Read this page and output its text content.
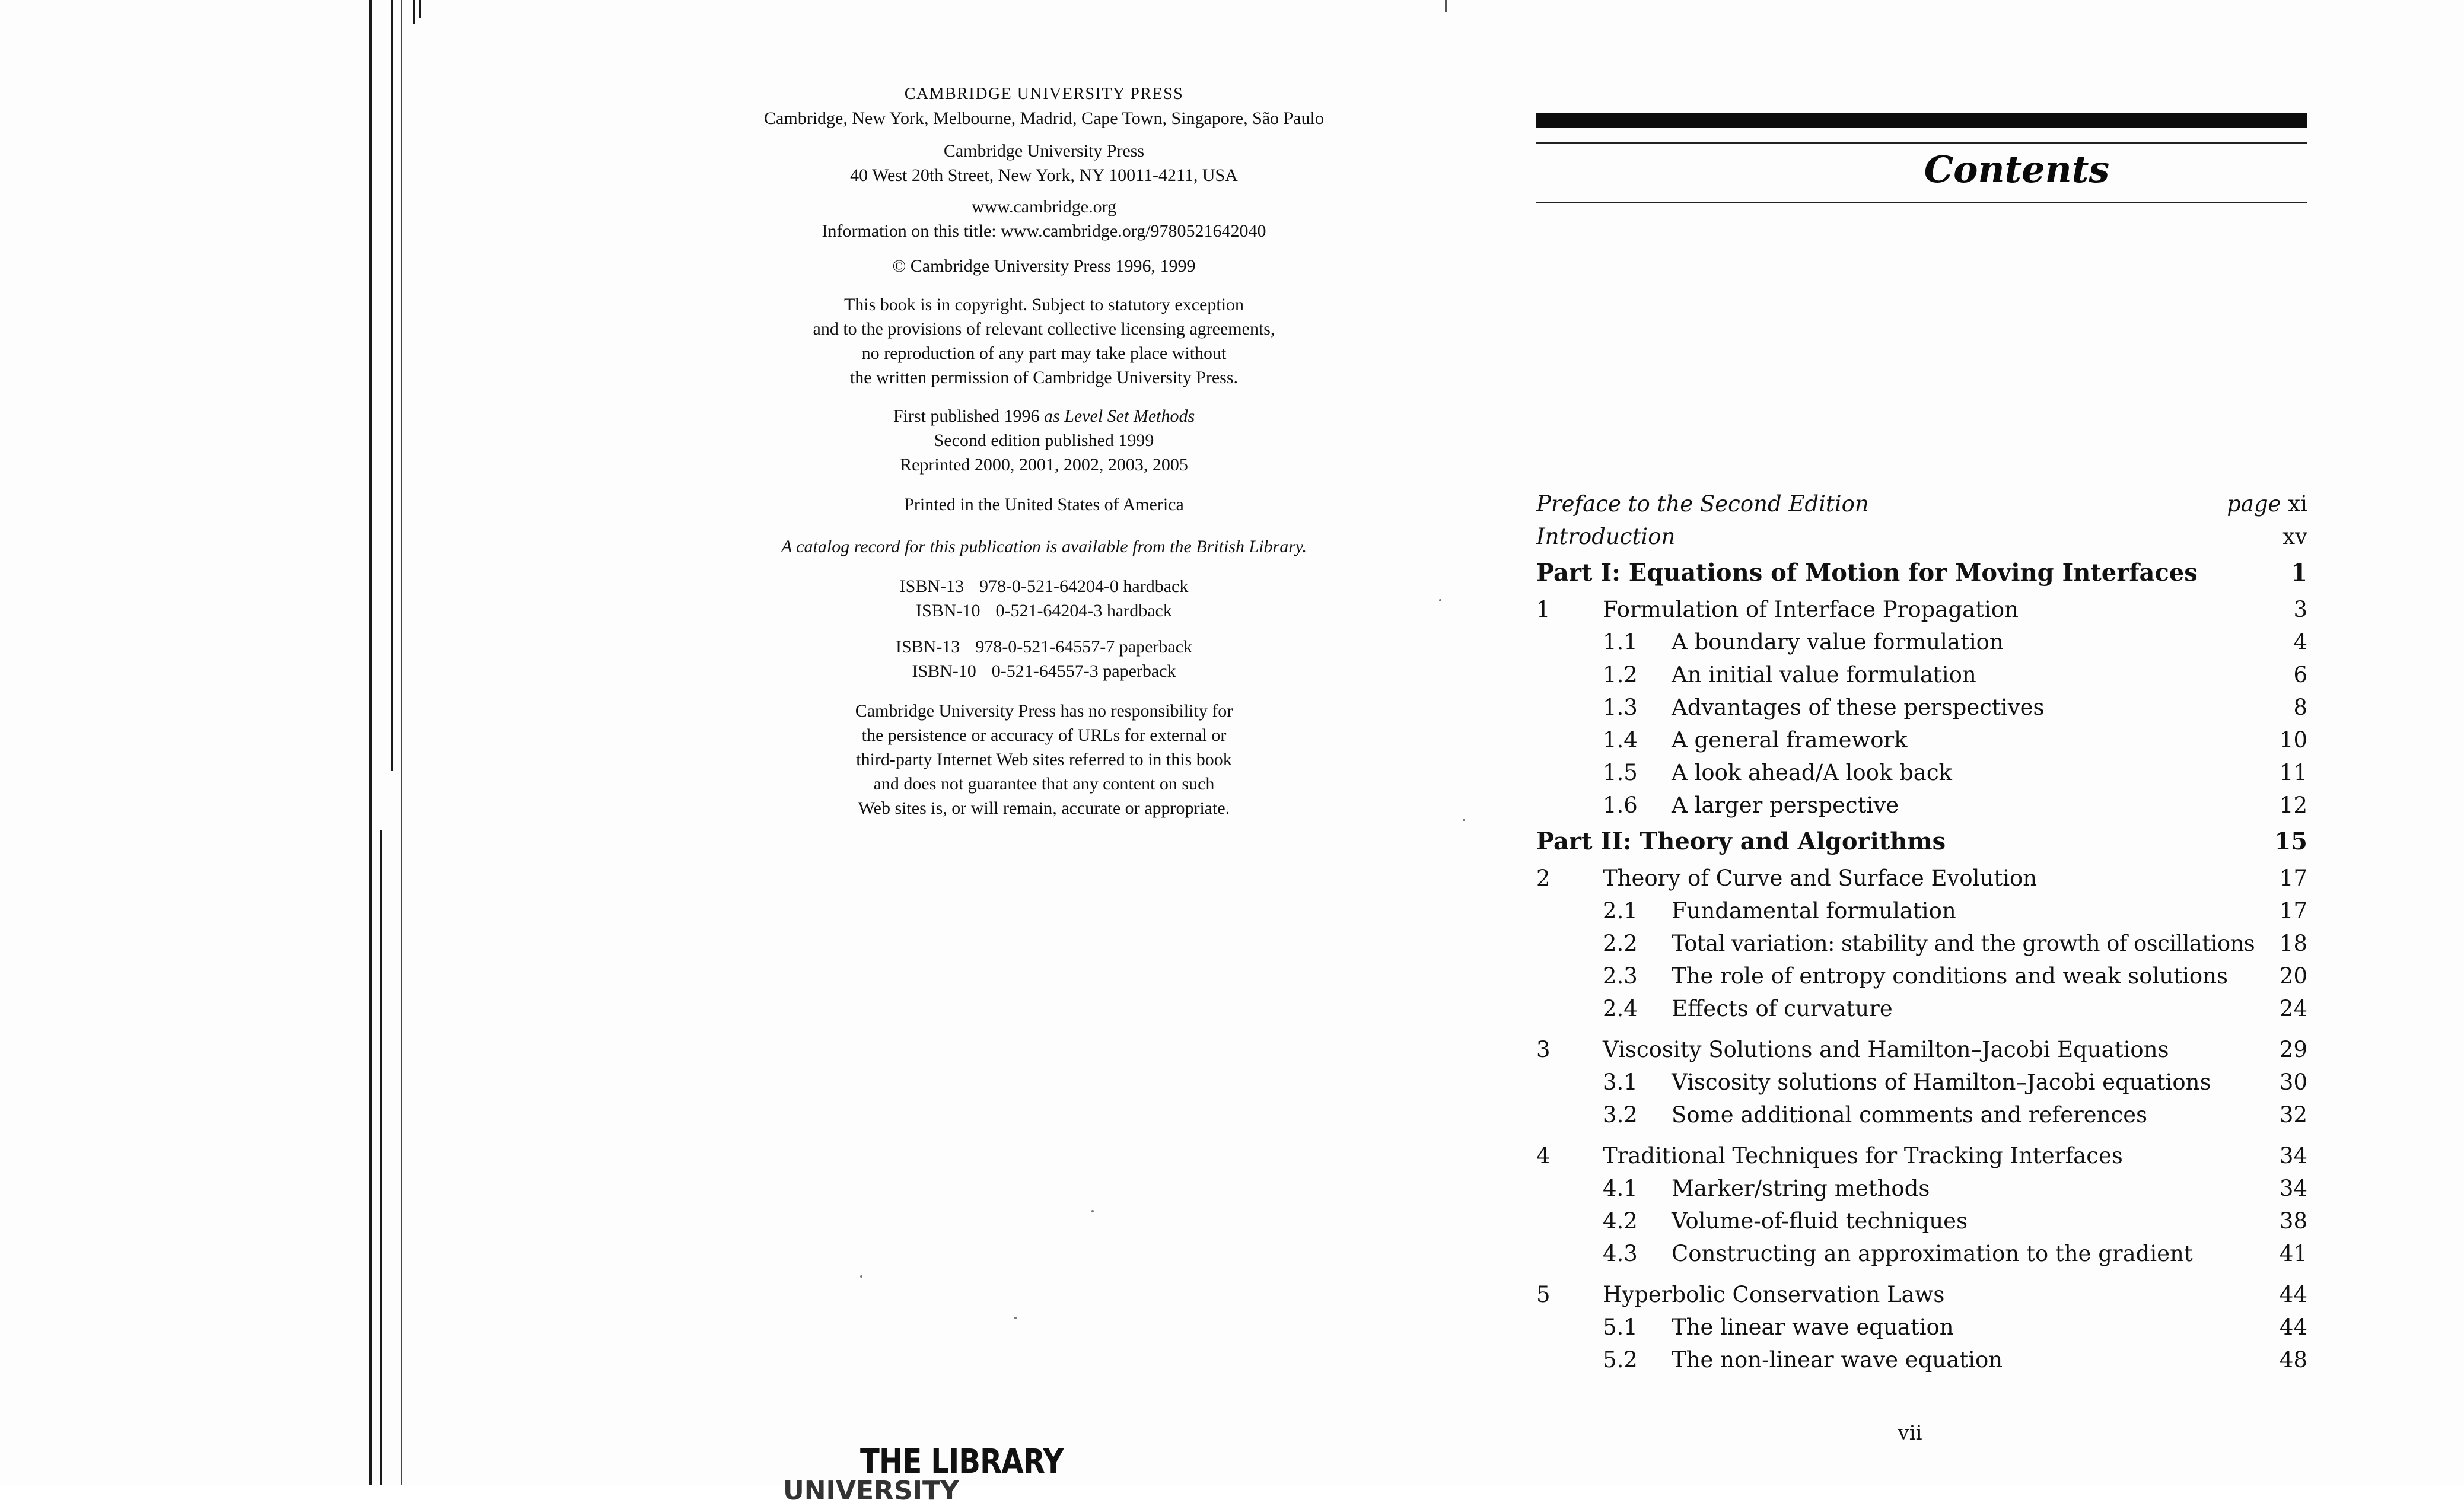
CAMBRIDGE UNIVERSITY PRESS
Cambridge, New York, Melbourne, Madrid, Cape Town, Singapore, São Paulo
Cambridge University Press
40 West 20th Street, New York, NY 10011-4211, USA
www.cambridge.org
Information on this title: www.cambridge.org/9780521642040
© Cambridge University Press 1996, 1999
This book is in copyright. Subject to statutory exception
and to the provisions of relevant collective licensing agreements,
no reproduction of any part may take place without
the written permission of Cambridge University Press.
First published 1996 as Level Set Methods
Second edition published 1999
Reprinted 2000, 2001, 2002, 2003, 2005
Printed in the United States of America
A catalog record for this publication is available from the British Library.
ISBN-13 978-0-521-64204-0 hardback
ISBN-10 0-521-64204-3 hardback
ISBN-13 978-0-521-64557-7 paperback
ISBN-10 0-521-64557-3 paperback
Cambridge University Press has no responsibility for
the persistence or accuracy of URLs for external or
third-party Internet Web sites referred to in this book
and does not guarantee that any content on such
Web sites is, or will remain, accurate or appropriate.
THE LIBRARY
UNIVERSITY
Contents
Preface to the Second Edition	page xi
Introduction	xv
Part I: Equations of Motion for Moving Interfaces	1
1 Formulation of Interface Propagation	3
1.1 A boundary value formulation	4
1.2 An initial value formulation	6
1.3 Advantages of these perspectives	8
1.4 A general framework	10
1.5 A look ahead/A look back	11
1.6 A larger perspective	12
Part II: Theory and Algorithms	15
2 Theory of Curve and Surface Evolution	17
2.1 Fundamental formulation	17
2.2 Total variation: stability and the growth of oscillations 18
2.3 The role of entropy conditions and weak solutions 20
2.4 Effects of curvature	24
3 Viscosity Solutions and Hamilton–Jacobi Equations	29
3.1 Viscosity solutions of Hamilton–Jacobi equations	30
3.2 Some additional comments and references	32
4 Traditional Techniques for Tracking Interfaces	34
4.1 Marker/string methods	34
4.2 Volume-of-fluid techniques	38
4.3 Constructing an approximation to the gradient	41
5 Hyperbolic Conservation Laws	44
5.1 The linear wave equation	44
5.2 The non-linear wave equation	48
vii
